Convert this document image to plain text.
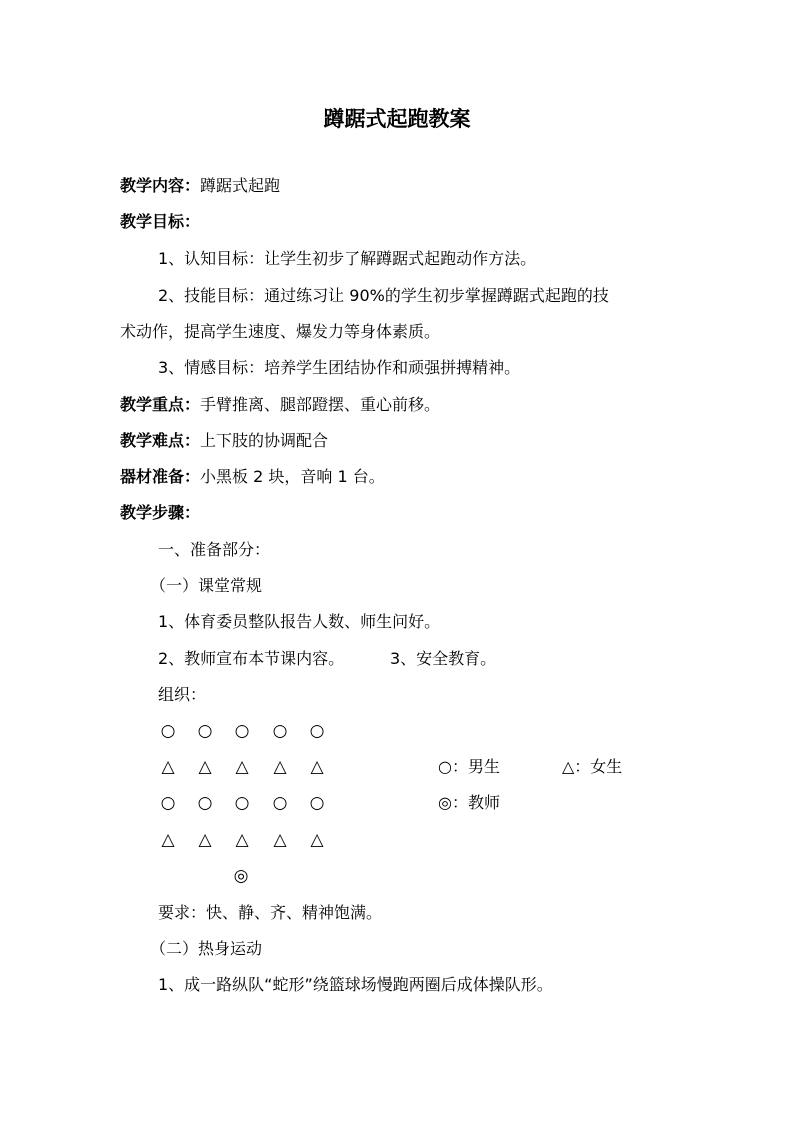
蹲踞式起跑教案
教学内容：蹲踞式起跑
教学目标：
1、认知目标：让学生初步了解蹲踞式起跑动作方法。
2、技能目标：通过练习让 90%的学生初步掌握蹲踞式起跑的技
术动作，提高学生速度、爆发力等身体素质。
3、情感目标：培养学生团结协作和顽强拼搏精神。
教学重点：手臂推离、腿部蹬摆、重心前移。
教学难点：上下肢的协调配合
器材准备：小黑板 2 块，音响 1 台。
教学步骤：
一、准备部分：
（一）课堂常规
1、体育委员整队报告人数、师生问好。
2、教师宣布本节课内容。	3、安全教育。
组织：
○ ○ ○ ○ ○
△ △ △ △ △
○ ○ ○ ○ ○
△ △ △ △ △
◎
○：男生	△：女生
◎：教师
要求：快、静、齐、精神饱满。
（二）热身运动
1、成一路纵队“蛇形”绕篮球场慢跑两圈后成体操队形。
